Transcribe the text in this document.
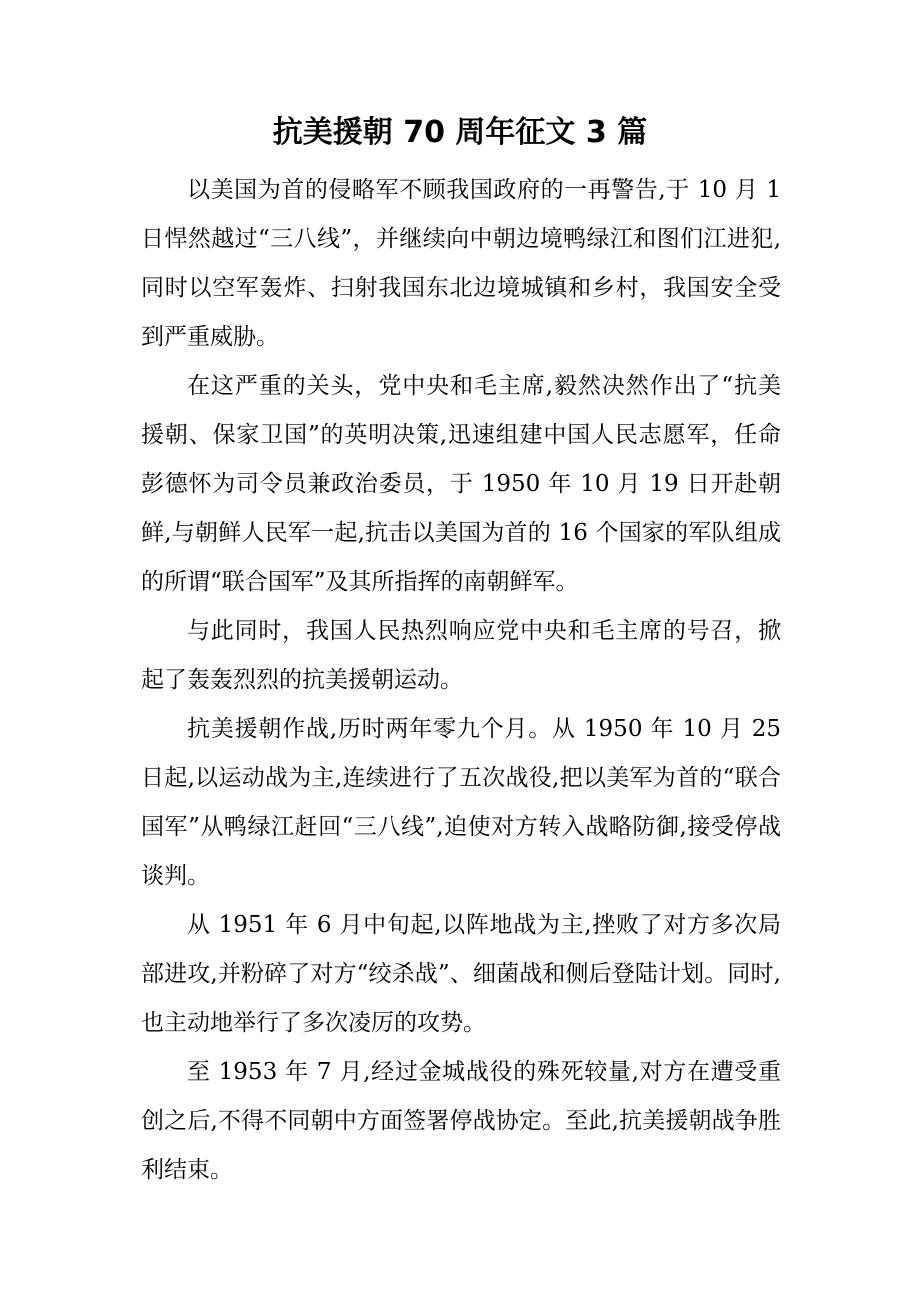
抗美援朝 70 周年征文 3 篇

以美国为首的侵略军不顾我国政府的一再警告,于 10 月 1 日悍然越过“三八线”，并继续向中朝边境鸭绿江和图们江进犯,同时以空军轰炸、扫射我国东北边境城镇和乡村，我国安全受到严重威胁。

在这严重的关头，党中央和毛主席,毅然决然作出了“抗美援朝、保家卫国”的英明决策,迅速组建中国人民志愿军，任命彭德怀为司令员兼政治委员，于 1950 年 10 月 19 日开赴朝鲜,与朝鲜人民军一起,抗击以美国为首的 16 个国家的军队组成的所谓“联合国军”及其所指挥的南朝鲜军。

与此同时，我国人民热烈响应党中央和毛主席的号召，掀起了轰轰烈烈的抗美援朝运动。

抗美援朝作战,历时两年零九个月。从 1950 年 10 月 25 日起,以运动战为主,连续进行了五次战役,把以美军为首的“联合国军”从鸭绿江赶回“三八线”,迫使对方转入战略防御,接受停战谈判。

从 1951 年 6 月中旬起,以阵地战为主,挫败了对方多次局部进攻,并粉碎了对方“绞杀战”、细菌战和侧后登陆计划。同时,也主动地举行了多次凌厉的攻势。

至 1953 年 7 月,经过金城战役的殊死较量,对方在遭受重创之后,不得不同朝中方面签署停战协定。至此,抗美援朝战争胜利结束。
